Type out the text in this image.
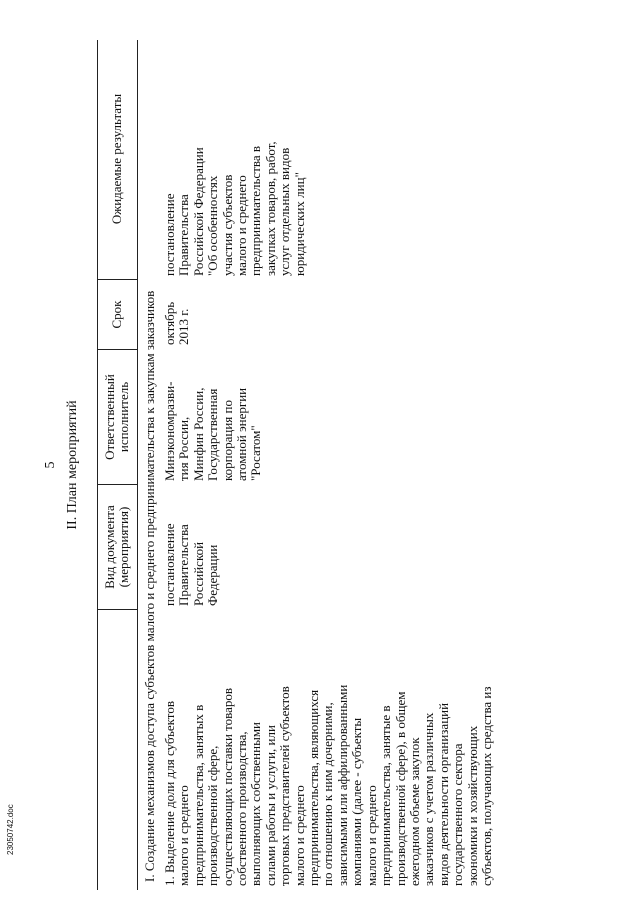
5 II. План мероприятий
Вид документа (мероприятия)
Ответственный исполнитель
Срок
Ожидаемые результаты
I. Создание механизмов доступа субъектов малого и среднего предпринимательства к закупкам заказчиков 1. Выделение доли для субъектов малого и среднего предпринимательства, занятых в производственной сфере, осуществляющих поставки товаров собственного производства, выполняющих собственными силами работы и услуги, или торговых представителей субъектов малого и среднего предпринимательства, являющихся по отношению к ним дочерними, зависимыми или аффилированными компаниями (далее - субъекты малого и среднего предпринимательства, занятые в производственной сфере), в общем ежегодном объеме закупок заказчиков с учетом различных видов деятельности организаций государственного сектора экономики и хозяйствующих субъектов, получающих средства из
постановление Правительства Российской Федерации
Минэкономразви- тия России, Минфин России, Государственная корпорация по атомной энергии "Росатом"
октябрь 2013 г.
постановление Правительства Российской Федерации "Об особенностях участия субъектов малого и среднего предпринимательства в закупках товаров, работ, услуг отдельных видов юридических лиц"
23050742.doc
